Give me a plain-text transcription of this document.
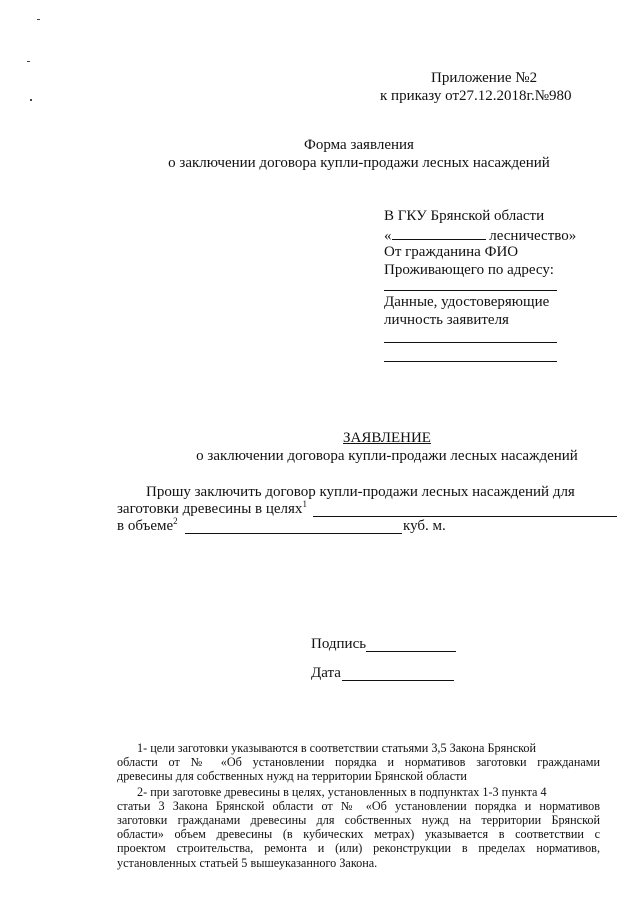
Приложение №2
к приказу от27.12.2018г.№980
Форма заявления
о заключении договора купли-продажи лесных насаждений
В ГКУ Брянской области
«	лесничество»
От гражданина ФИО
Проживающего по адресу:
Данные, удостоверяющие
личность заявителя
ЗАЯВЛЕНИЕ
о заключении договора купли-продажи лесных насаждений
Прошу заключить договор купли-продажи лесных насаждений для
заготовки древесины в целях$^1$
в объеме$^2$	куб. м.
Подпись
Дата
1- цели заготовки указываются в соответствии статьями 3,5 Закона Брянской
области от № «Об установлении порядка и нормативов заготовки гражданами
древесины для собственных нужд на территории Брянской области
2- при заготовке древесины в целях, установленных в подпунктах 1-3 пункта 4
статьи 3 Закона Брянской области от № «Об установлении порядка и нормативов
заготовки гражданами древесины для собственных нужд на территории Брянской
области» объем древесины (в кубических метрах) указывается в соответствии с
проектом строительства, ремонта и (или) реконструкции в пределах нормативов,
установленных статьей 5 вышеуказанного Закона.
